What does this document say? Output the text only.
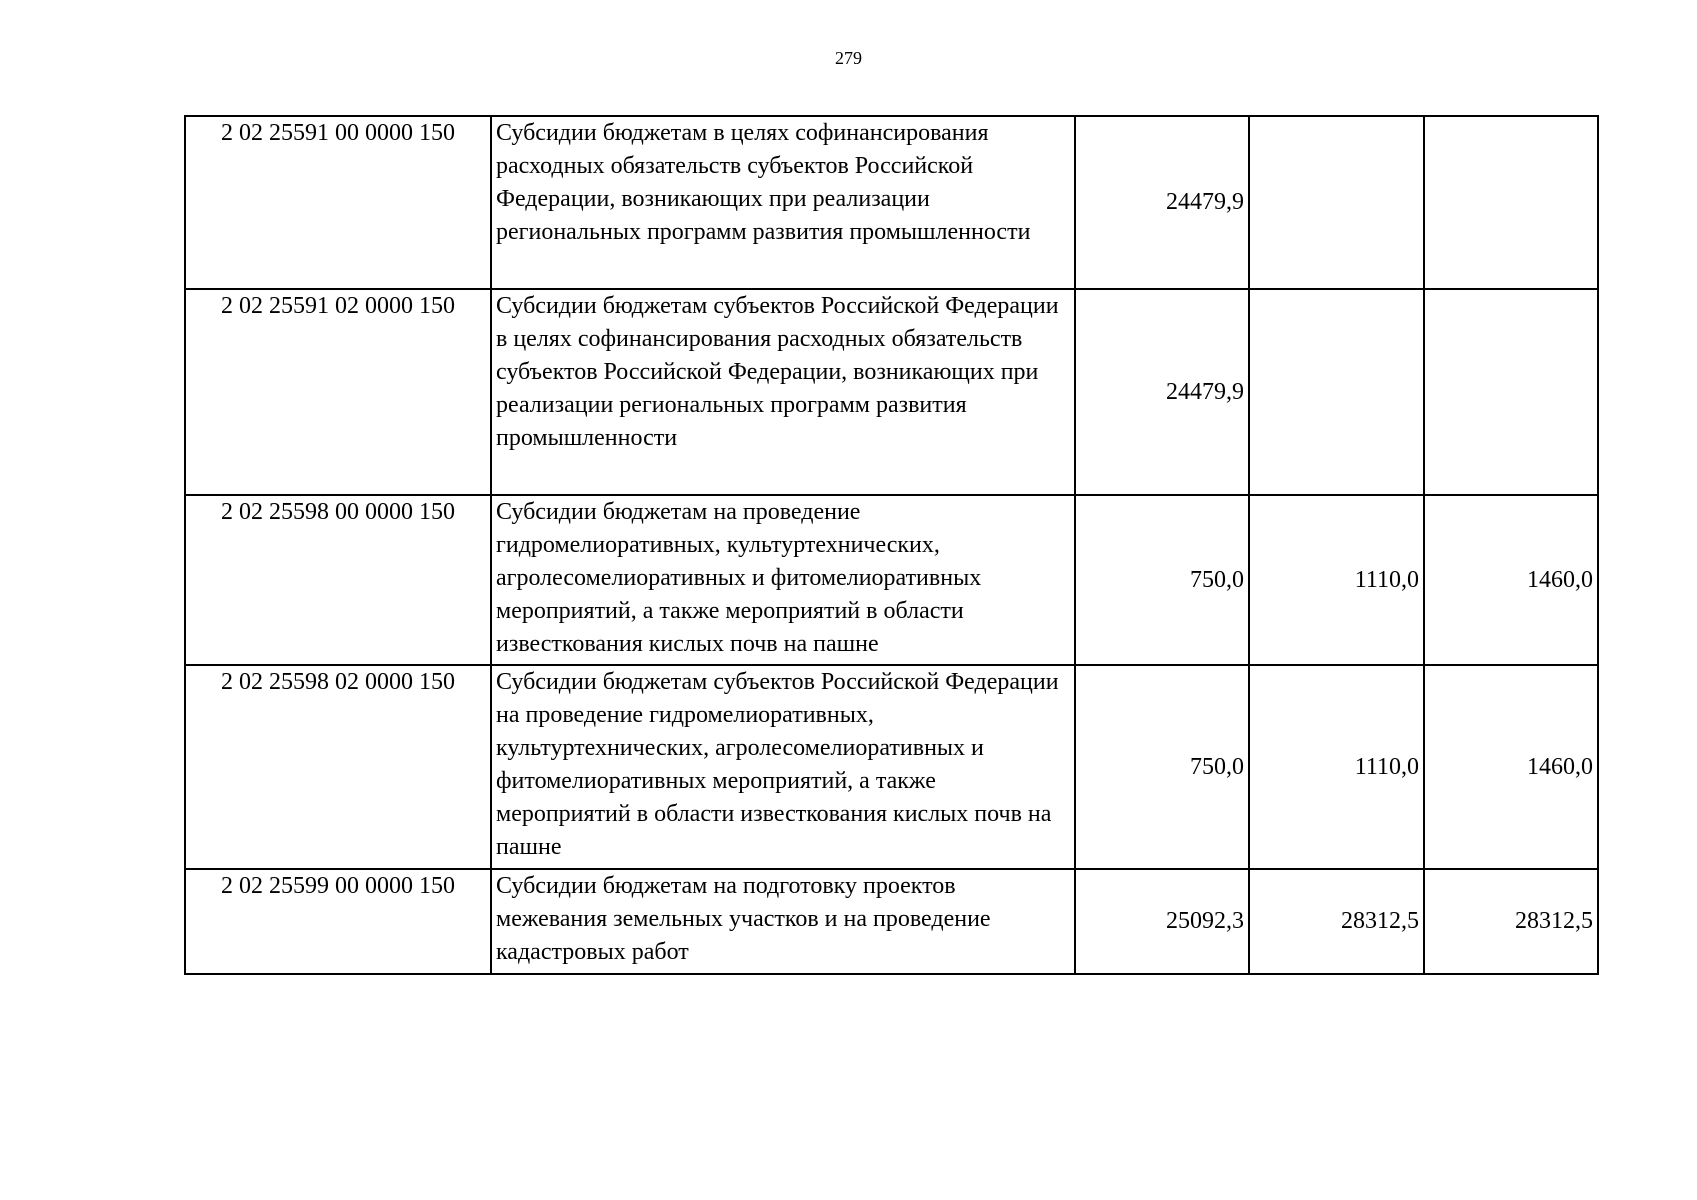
279
2 02 25591 00 0000 150	Субсидии бюджетам в целях софинансирования расходных обязательств субъектов Российской Федерации, возникающих при реализации региональных программ развития промышленности	24479,9		
2 02 25591 02 0000 150	Субсидии бюджетам субъектов Российской Федерации в целях софинансирования расходных обязательств субъектов Российской Федерации, возникающих при реализации региональных программ развития промышленности	24479,9		
2 02 25598 00 0000 150	Субсидии бюджетам на проведение гидромелиоративных, культуртехнических, агролесомелиоративных и фитомелиоративных мероприятий, а также мероприятий в области известкования кислых почв на пашне	750,0	1110,0	1460,0
2 02 25598 02 0000 150	Субсидии бюджетам субъектов Российской Федерации на проведение гидромелиоративных, культуртехнических, агролесомелиоративных и фитомелиоративных мероприятий, а также мероприятий в области известкования кислых почв на пашне	750,0	1110,0	1460,0
2 02 25599 00 0000 150	Субсидии бюджетам на подготовку проектов межевания земельных участков и на проведение кадастровых работ	25092,3	28312,5	28312,5
